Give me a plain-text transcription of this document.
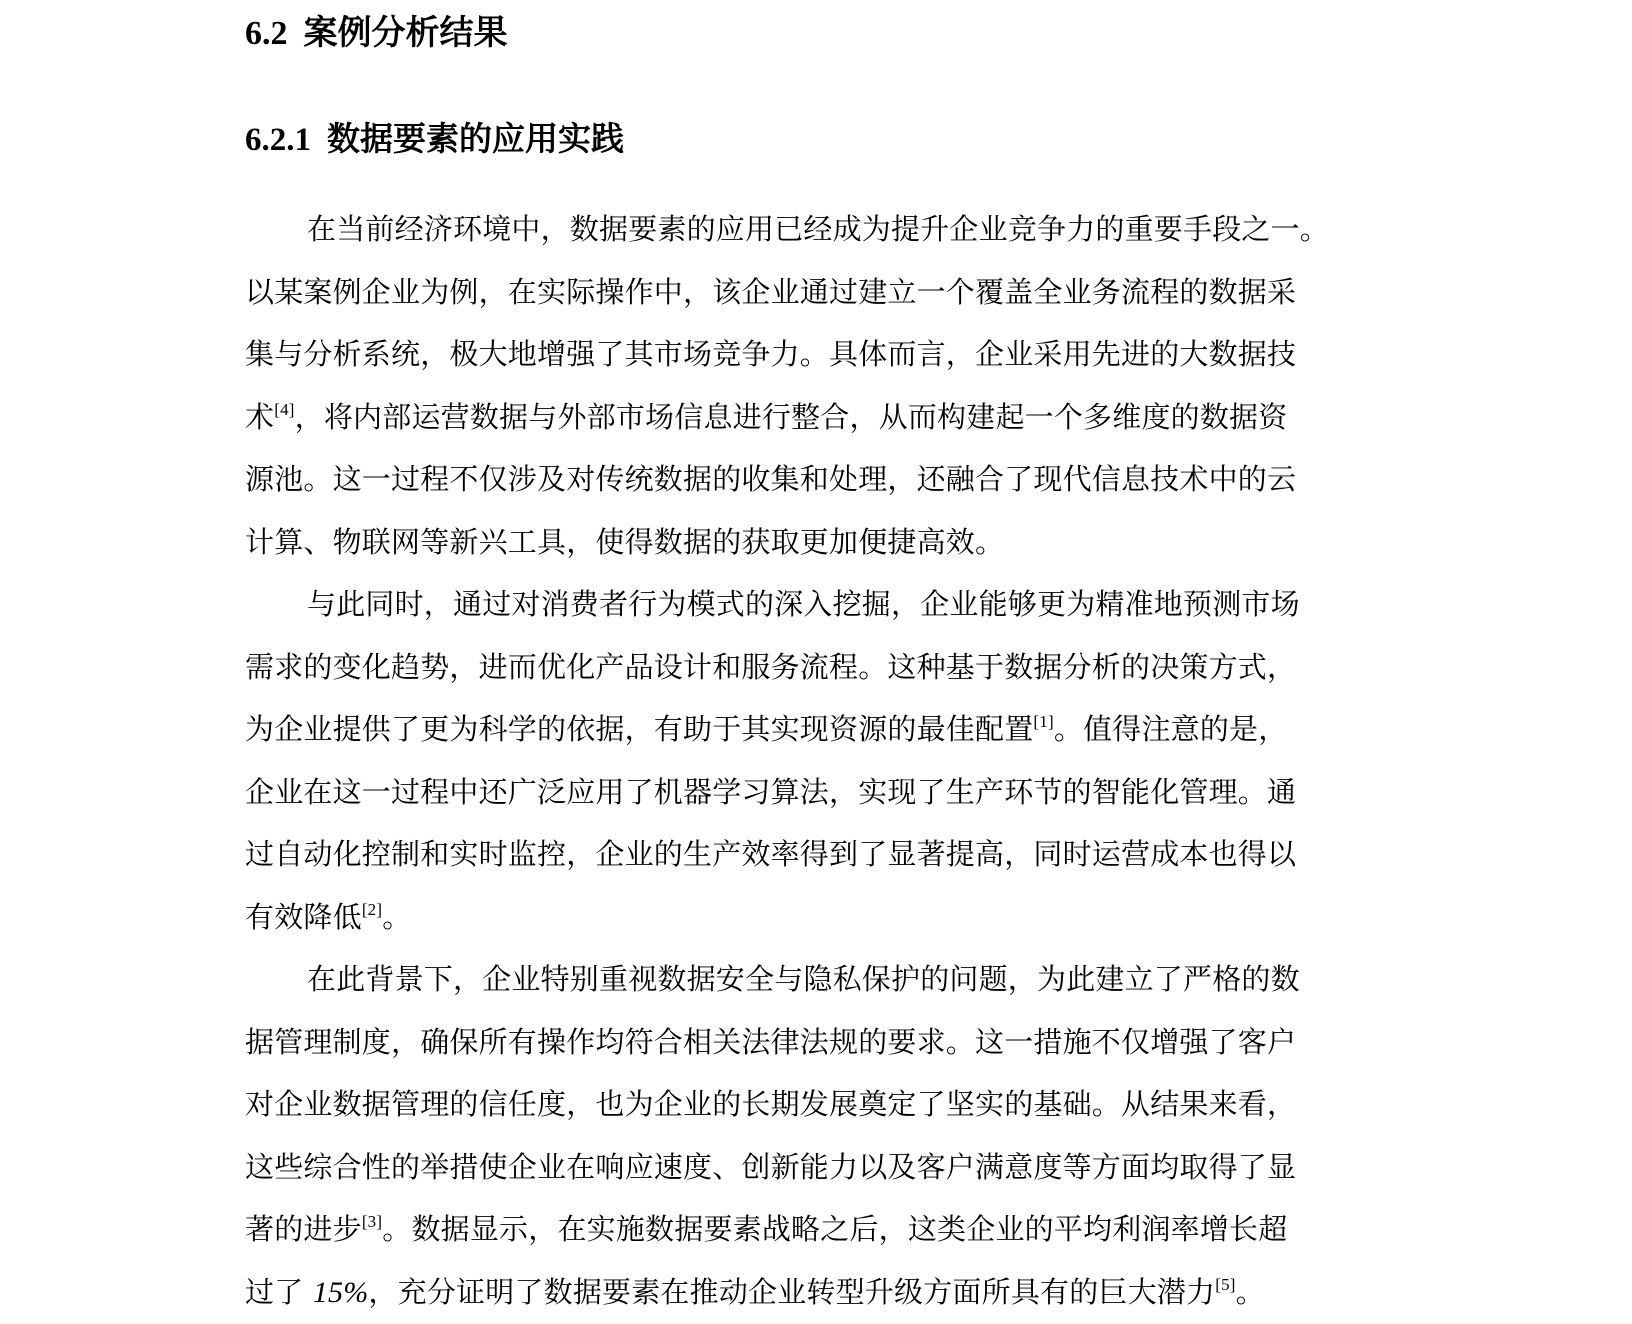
6.2 案例分析结果
6.2.1 数据要素的应用实践
在当前经济环境中，数据要素的应用已经成为提升企业竞争力的重要手段之一。
以某案例企业为例，在实际操作中，该企业通过建立一个覆盖全业务流程的数据采
集与分析系统，极大地增强了其市场竞争力。具体而言，企业采用先进的大数据技
术[4]，将内部运营数据与外部市场信息进行整合，从而构建起一个多维度的数据资
源池。这一过程不仅涉及对传统数据的收集和处理，还融合了现代信息技术中的云
计算、物联网等新兴工具，使得数据的获取更加便捷高效。
与此同时，通过对消费者行为模式的深入挖掘，企业能够更为精准地预测市场
需求的变化趋势，进而优化产品设计和服务流程。这种基于数据分析的决策方式，
为企业提供了更为科学的依据，有助于其实现资源的最佳配置[1]。值得注意的是，
企业在这一过程中还广泛应用了机器学习算法，实现了生产环节的智能化管理。通
过自动化控制和实时监控，企业的生产效率得到了显著提高，同时运营成本也得以
有效降低[2]。
在此背景下，企业特别重视数据安全与隐私保护的问题，为此建立了严格的数
据管理制度，确保所有操作均符合相关法律法规的要求。这一措施不仅增强了客户
对企业数据管理的信任度，也为企业的长期发展奠定了坚实的基础。从结果来看，
这些综合性的举措使企业在响应速度、创新能力以及客户满意度等方面均取得了显
著的进步[3]。数据显示，在实施数据要素战略之后，这类企业的平均利润率增长超
过了 15%，充分证明了数据要素在推动企业转型升级方面所具有的巨大潜力[5]。
